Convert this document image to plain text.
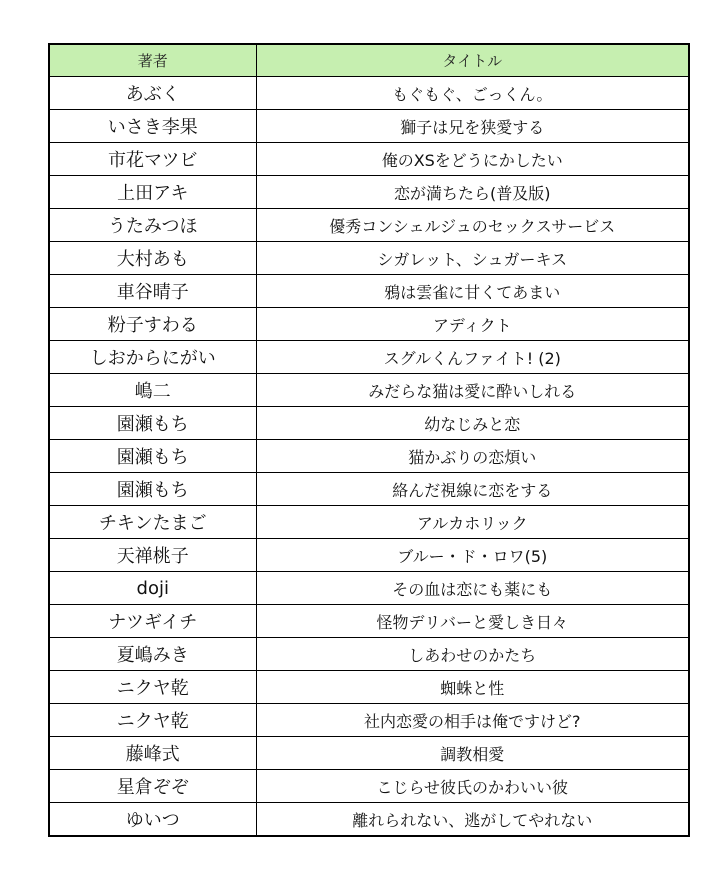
著者	タイトル
あぶく	もぐもぐ、ごっくん。
いさき李果	獅子は兄を狭愛する
市花マツビ	俺のXSをどうにかしたい
上田アキ	恋が満ちたら(普及版)
うたみつほ	優秀コンシェルジュのセックスサービス
大村あも	シガレット、シュガーキス
車谷晴子	鴉は雲雀に甘くてあまい
粉子すわる	アディクト
しおからにがい	スグルくんファイト! (2)
嶋二	みだらな猫は愛に酔いしれる
園瀬もち	幼なじみと恋
園瀬もち	猫かぶりの恋煩い
園瀬もち	絡んだ視線に恋をする
チキンたまご	アルカホリック
天禅桃子	ブルー・ド・ロワ(5)
doji	その血は恋にも薬にも
ナツギイチ	怪物デリバーと愛しき日々
夏嶋みき	しあわせのかたち
ニクヤ乾	蜘蛛と性
ニクヤ乾	社内恋愛の相手は俺ですけど?
藤峰式	調教相愛
星倉ぞぞ	こじらせ彼氏のかわいい彼
ゆいつ	離れられない、逃がしてやれない
